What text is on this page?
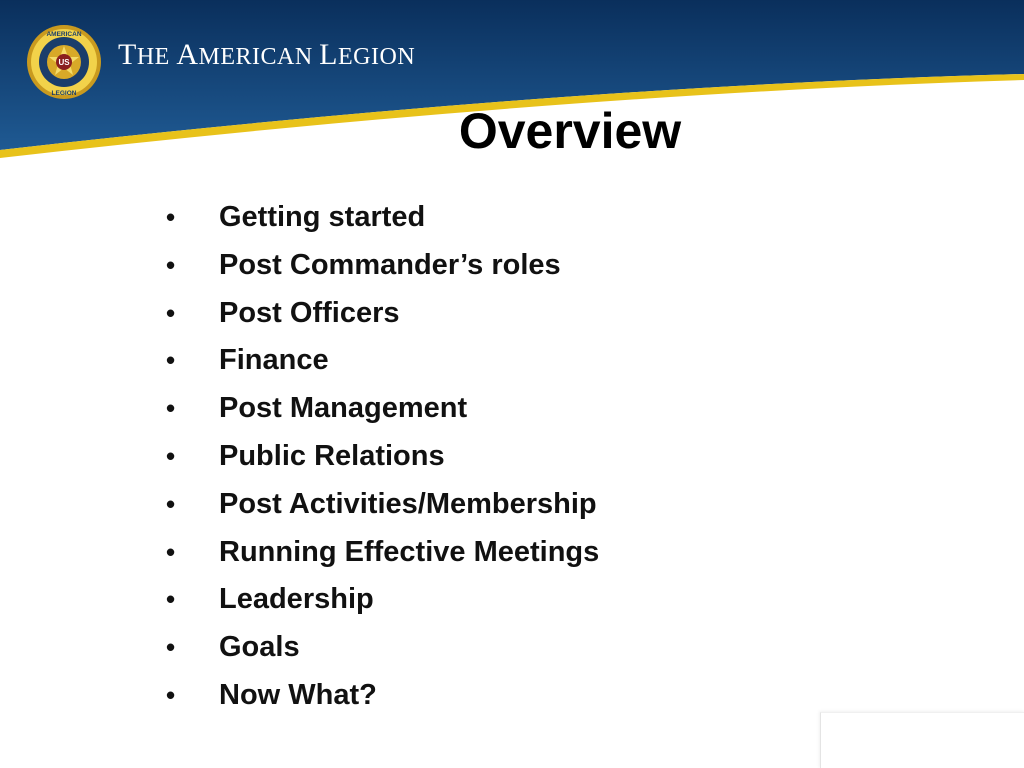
US
AMERICAN
LEGION
THE AMERICAN LEGION
Overview
• Getting started
• Post Commander’s roles
• Post Officers
• Finance
• Post Management
• Public Relations
• Post Activities/Membership
• Running Effective Meetings
• Leadership
• Goals
• Now What?
